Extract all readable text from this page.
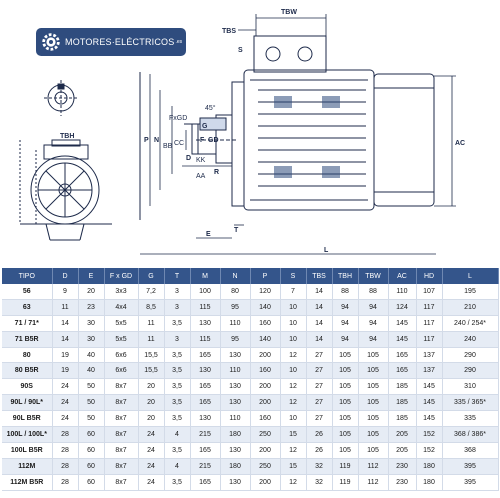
MOTORES·ELÉCTRICOS .es
TBW
TBS
S
P N
BB CC
FxGD
45°
F GD
G
D KK
AA
R
T
E
L
AC
TBH
TIPO	D	E	F x GD	G	T	M	N	P	S	TBS	TBH	TBW	AC	HD	L
56	9	20	3x3	7,2	3	100	80	120	7	14	88	88	110	107	195
63	11	23	4x4	8,5	3	115	95	140	10	14	94	94	124	117	210
71 / 71*	14	30	5x5	11	3,5	130	110	160	10	14	94	94	145	117	240 / 254*
71 B5R	14	30	5x5	11	3	115	95	140	10	14	94	94	145	117	240
80	19	40	6x6	15,5	3,5	165	130	200	12	27	105	105	165	137	290
80 B5R	19	40	6x6	15,5	3,5	130	110	160	10	27	105	105	165	137	290
90S	24	50	8x7	20	3,5	165	130	200	12	27	105	105	185	145	310
90L / 90L*	24	50	8x7	20	3,5	165	130	200	12	27	105	105	185	145	335 / 365*
90L B5R	24	50	8x7	20	3,5	130	110	160	10	27	105	105	185	145	335
100L / 100L*	28	60	8x7	24	4	215	180	250	15	26	105	105	205	152	368 / 386*
100L B5R	28	60	8x7	24	3,5	165	130	200	12	26	105	105	205	152	368
112M	28	60	8x7	24	4	215	180	250	15	32	119	112	230	180	395
112M B5R	28	60	8x7	24	3,5	165	130	200	12	32	119	112	230	180	395
